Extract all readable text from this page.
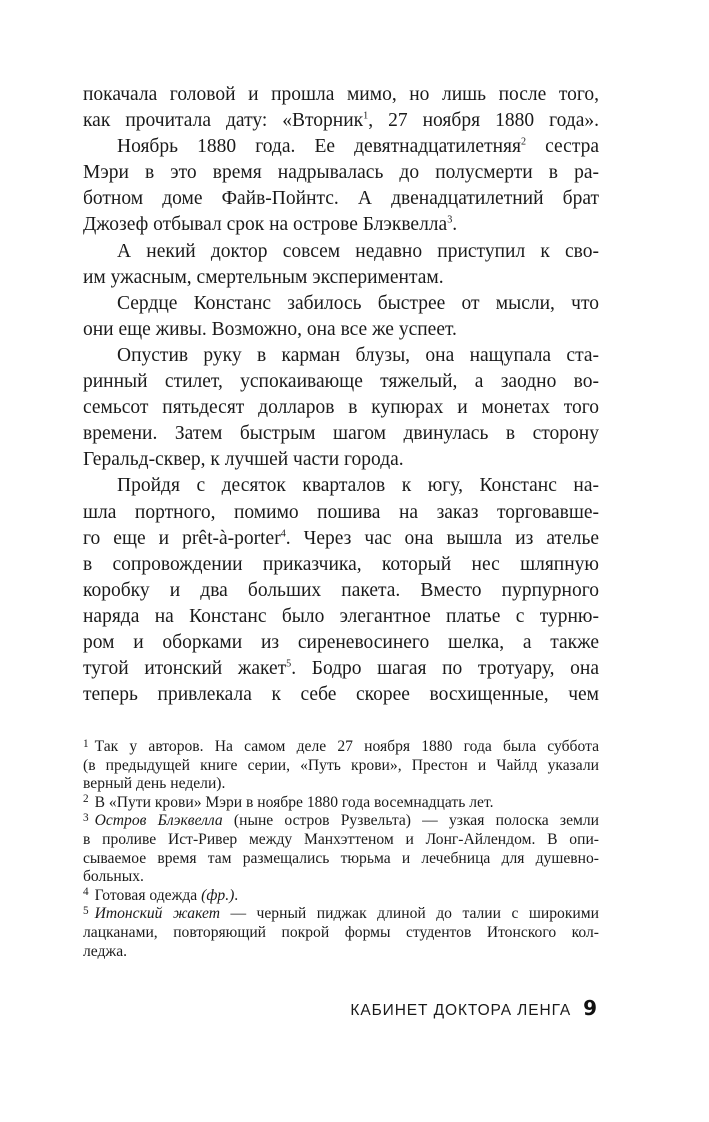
покачала головой и прошла мимо, но лишь после того,
как прочитала дату: «Вторник$^1$, 27 ноября 1880 года».
Ноябрь 1880 года. Ее девятнадцатилетняя$^2$ сестра
Мэри в это время надрывалась до полусмерти в ра-
ботном доме Файв-Пойнтс. А двенадцатилетний брат
Джозеф отбывал срок на острове Блэквелла$^3$.
А некий доктор совсем недавно приступил к сво-
им ужасным, смертельным экспериментам.
Сердце Констанс забилось быстрее от мысли, что
они еще живы. Возможно, она все же успеет.
Опустив руку в карман блузы, она нащупала ста-
ринный стилет, успокаивающе тяжелый, а заодно во-
семьсот пятьдесят долларов в купюрах и монетах того
времени. Затем быстрым шагом двинулась в сторону
Геральд-сквер, к лучшей части города.
Пройдя с десяток кварталов к югу, Констанс на-
шла портного, помимо пошива на заказ торговавше-
го еще и prêt-à-porter$^4$. Через час она вышла из ателье
в сопровождении приказчика, который нес шляпную
коробку и два больших пакета. Вместо пурпурного
наряда на Констанс было элегантное платье с турню-
ром и оборками из сиреневосинего шелка, а также
тугой итонский жакет$^5$. Бодро шагая по тротуару, она
теперь привлекала к себе скорее восхищенные, чем
$^1$ Так у авторов. На самом деле 27 ноября 1880 года была суббота
(в предыдущей книге серии, «Путь крови», Престон и Чайлд указали
верный день недели).
$^2$ В «Пути крови» Мэри в ноябре 1880 года восемнадцать лет.
$^3$ Остров Блэквелла (ныне остров Рузвельта) — узкая полоска земли
в проливе Ист-Ривер между Манхэттеном и Лонг-Айлендом. В опи-
сываемое время там размещались тюрьма и лечебница для душевно-
больных.
$^4$ Готовая одежда (фр.).
$^5$ Итонский жакет — черный пиджак длиной до талии с широкими
лацканами, повторяющий покрой формы студентов Итонского кол-
леджа.
КАБИНЕТ ДОКТОРА ЛЕНГА 9
